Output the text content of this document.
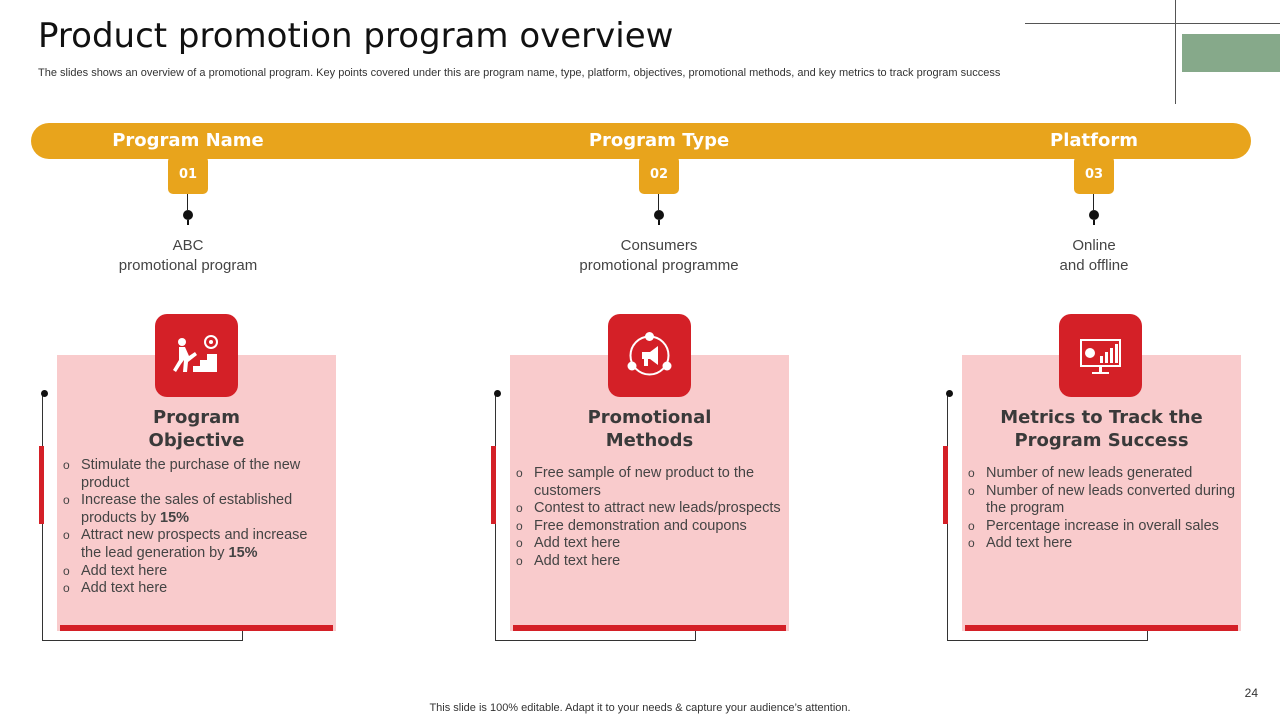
Product promotion program overview
The slides shows an overview of a promotional program. Key points covered under this are program name, type, platform, objectives, promotional methods, and key metrics to track program success
Program Name	Program Type	Platform
01	02	03
ABC
promotional program
Consumers
promotional programme
Online
and offline
Program
Objective
o Stimulate the purchase of the new product
o Increase the sales of established products by 15%
o Attract new prospects and increase the lead generation by 15%
o Add text here
o Add text here
Promotional
Methods
o Free sample of new product to the customers
o Contest to attract new leads/prospects
o Free demonstration and coupons
o Add text here
o Add text here
Metrics to Track the
Program Success
o Number of new leads generated
o Number of new leads converted during the program
o Percentage increase in overall sales
o Add text here
24
This slide is 100% editable. Adapt it to your needs & capture your audience’s attention.
